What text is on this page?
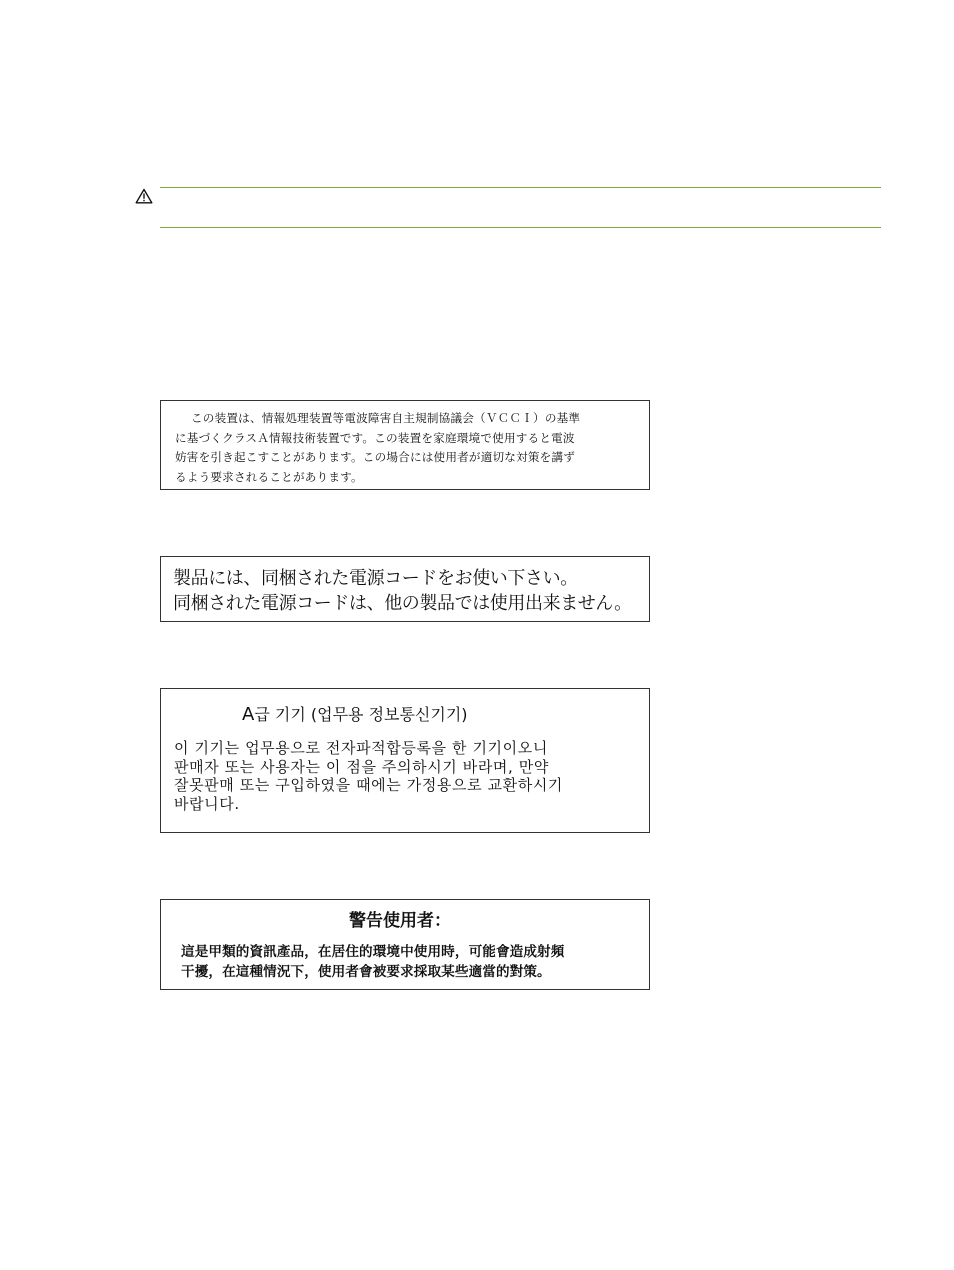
この装置は、情報処理装置等電波障害自主規制協議会（ＶＣＣＩ）の基準

に基づくクラスＡ情報技術装置です。この装置を家庭環境で使用すると電波

妨害を引き起こすことがあります。この場合には使用者が適切な対策を講ず

るよう要求されることがあります。

製品には、同梱された電源コードをお使い下さい。

同梱された電源コードは、他の製品では使用出来ません。

A급 기기 (업무용 정보통신기기)

이 기기는 업무용으로 전자파적합등록을 한 기기이오니

판매자 또는 사용자는 이 점을 주의하시기 바라며, 만약

잘못판매 또는 구입하였을 때에는 가정용으로 교환하시기

바랍니다.

警告使用者：

這是甲類的資訊產品，在居住的環境中使用時，可能會造成射頻

干擾，在這種情況下，使用者會被要求採取某些適當的對策。
